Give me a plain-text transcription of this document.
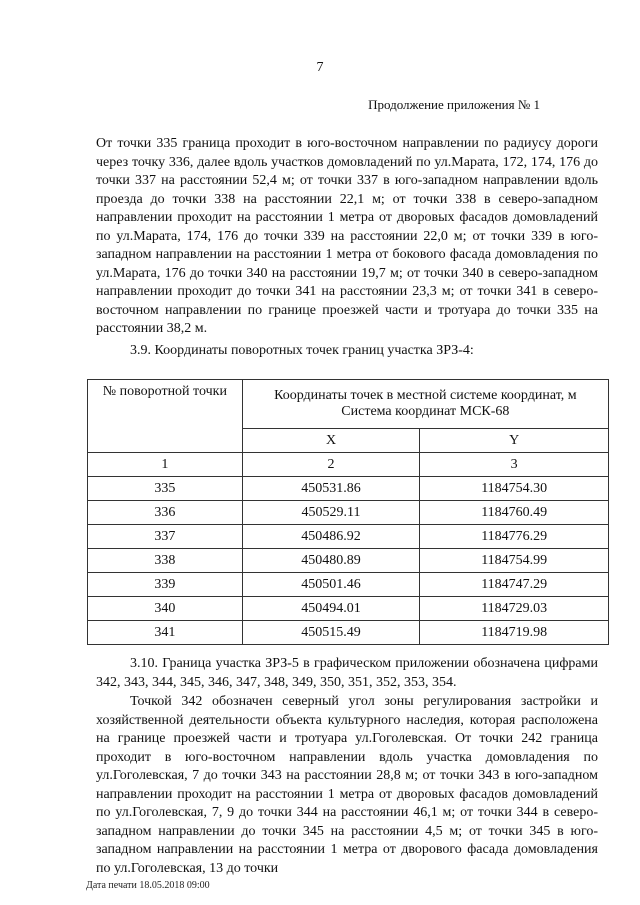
7
Продолжение приложения № 1
От точки 335 граница проходит в юго-восточном направлении по радиусу дороги через точку 336, далее вдоль участков домовладений по ул.Марата, 172, 174, 176 до точки 337 на расстоянии 52,4 м; от точки 337 в юго-западном направлении вдоль проезда до точки 338 на расстоянии 22,1 м; от точки 338 в северо-западном направлении проходит на расстоянии 1 метра от дворовых фасадов домовладений по ул.Марата, 174, 176 до точки 339 на расстоянии 22,0 м; от точки 339 в юго-западном направлении на расстоянии 1 метра от бокового фасада домовладения по ул.Марата, 176 до точки 340 на расстоянии 19,7 м; от точки 340 в северо-западном направлении проходит до точки 341 на расстоянии 23,3 м; от точки 341 в северо-восточном направлении по границе проезжей части и тротуара до точки 335 на расстоянии 38,2 м.
3.9. Координаты поворотных точек границ участка ЗРЗ-4:
№ поворотной точки	Координаты точек в местной системе координат, м Система координат МСК-68	
	X	Y
1	2	3
335	450531.86	1184754.30
336	450529.11	1184760.49
337	450486.92	1184776.29
338	450480.89	1184754.99
339	450501.46	1184747.29
340	450494.01	1184729.03
341	450515.49	1184719.98
3.10. Граница участка ЗРЗ-5 в графическом приложении обозначена цифрами 342, 343, 344, 345, 346, 347, 348, 349, 350, 351, 352, 353, 354.
Точкой 342 обозначен северный угол зоны регулирования застройки и хозяйственной деятельности объекта культурного наследия, которая расположена на границе проезжей части и тротуара ул.Гоголевская. От точки 242 граница проходит в юго-восточном направлении вдоль участка домовладения по ул.Гоголевская, 7 до точки 343 на расстоянии 28,8 м; от точки 343 в юго-западном направлении проходит на расстоянии 1 метра от дворовых фасадов домовладений по ул.Гоголевская, 7, 9 до точки 344 на расстоянии 46,1 м; от точки 344 в северо-западном направлении до точки 345 на расстоянии 4,5 м; от точки 345 в юго-западном направлении на расстоянии 1 метра от дворового фасада домовладения по ул.Гоголевская, 13 до точки
Дата печати 18.05.2018 09:00
